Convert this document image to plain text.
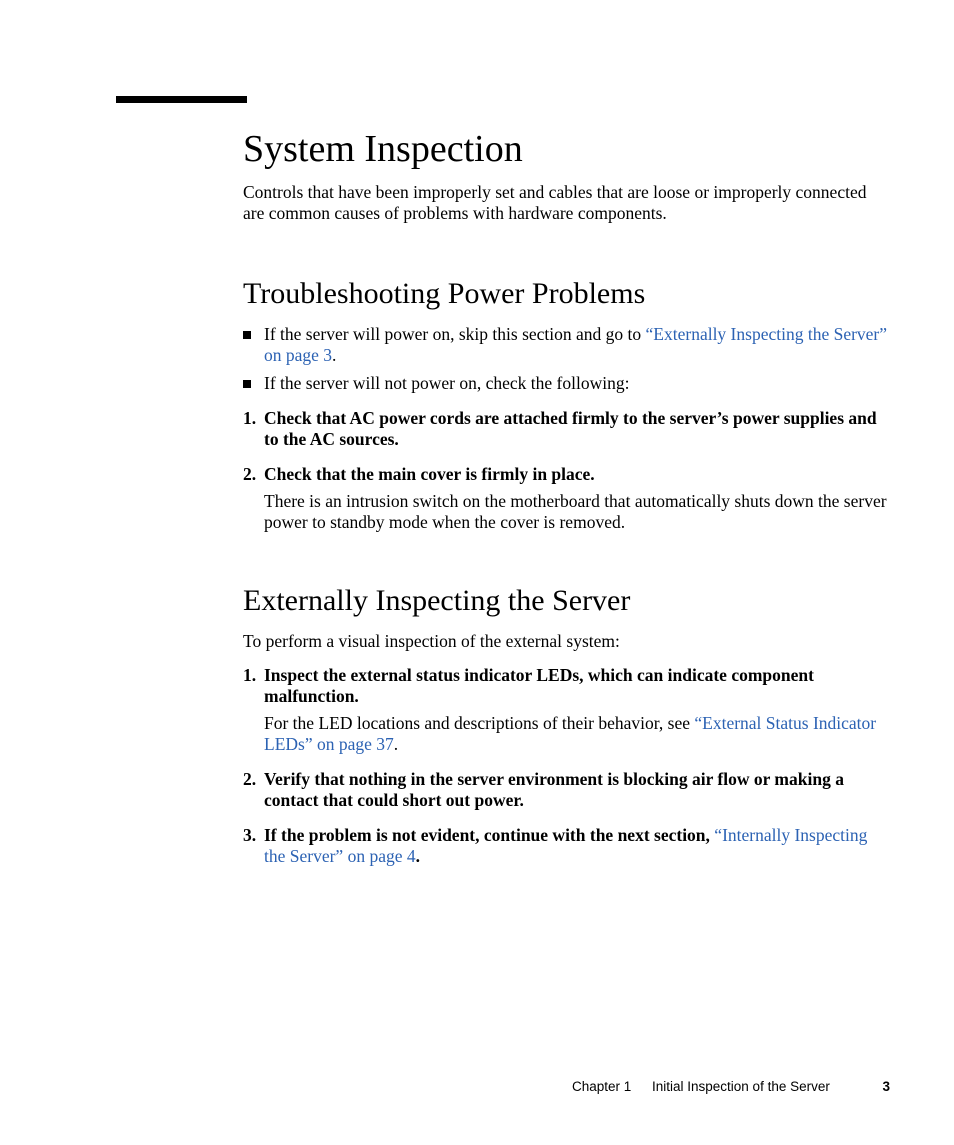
System Inspection

Controls that have been improperly set and cables that are loose or improperly connected are common causes of problems with hardware components.

Troubleshooting Power Problems
If the server will power on, skip this section and go to “Externally Inspecting the Server” on page 3.
If the server will not power on, check the following:
1. Check that AC power cords are attached firmly to the server’s power supplies and to the AC sources.
2. Check that the main cover is firmly in place.

There is an intrusion switch on the motherboard that automatically shuts down the server power to standby mode when the cover is removed.

Externally Inspecting the Server

To perform a visual inspection of the external system:

1. Inspect the external status indicator LEDs, which can indicate component malfunction.

For the LED locations and descriptions of their behavior, see “External Status Indicator LEDs” on page 37.

2. Verify that nothing in the server environment is blocking air flow or making a contact that could short out power.
3. If the problem is not evident, continue with the next section, “Internally Inspecting the Server” on page 4.
Chapter 1 Initial Inspection of the Server	3
